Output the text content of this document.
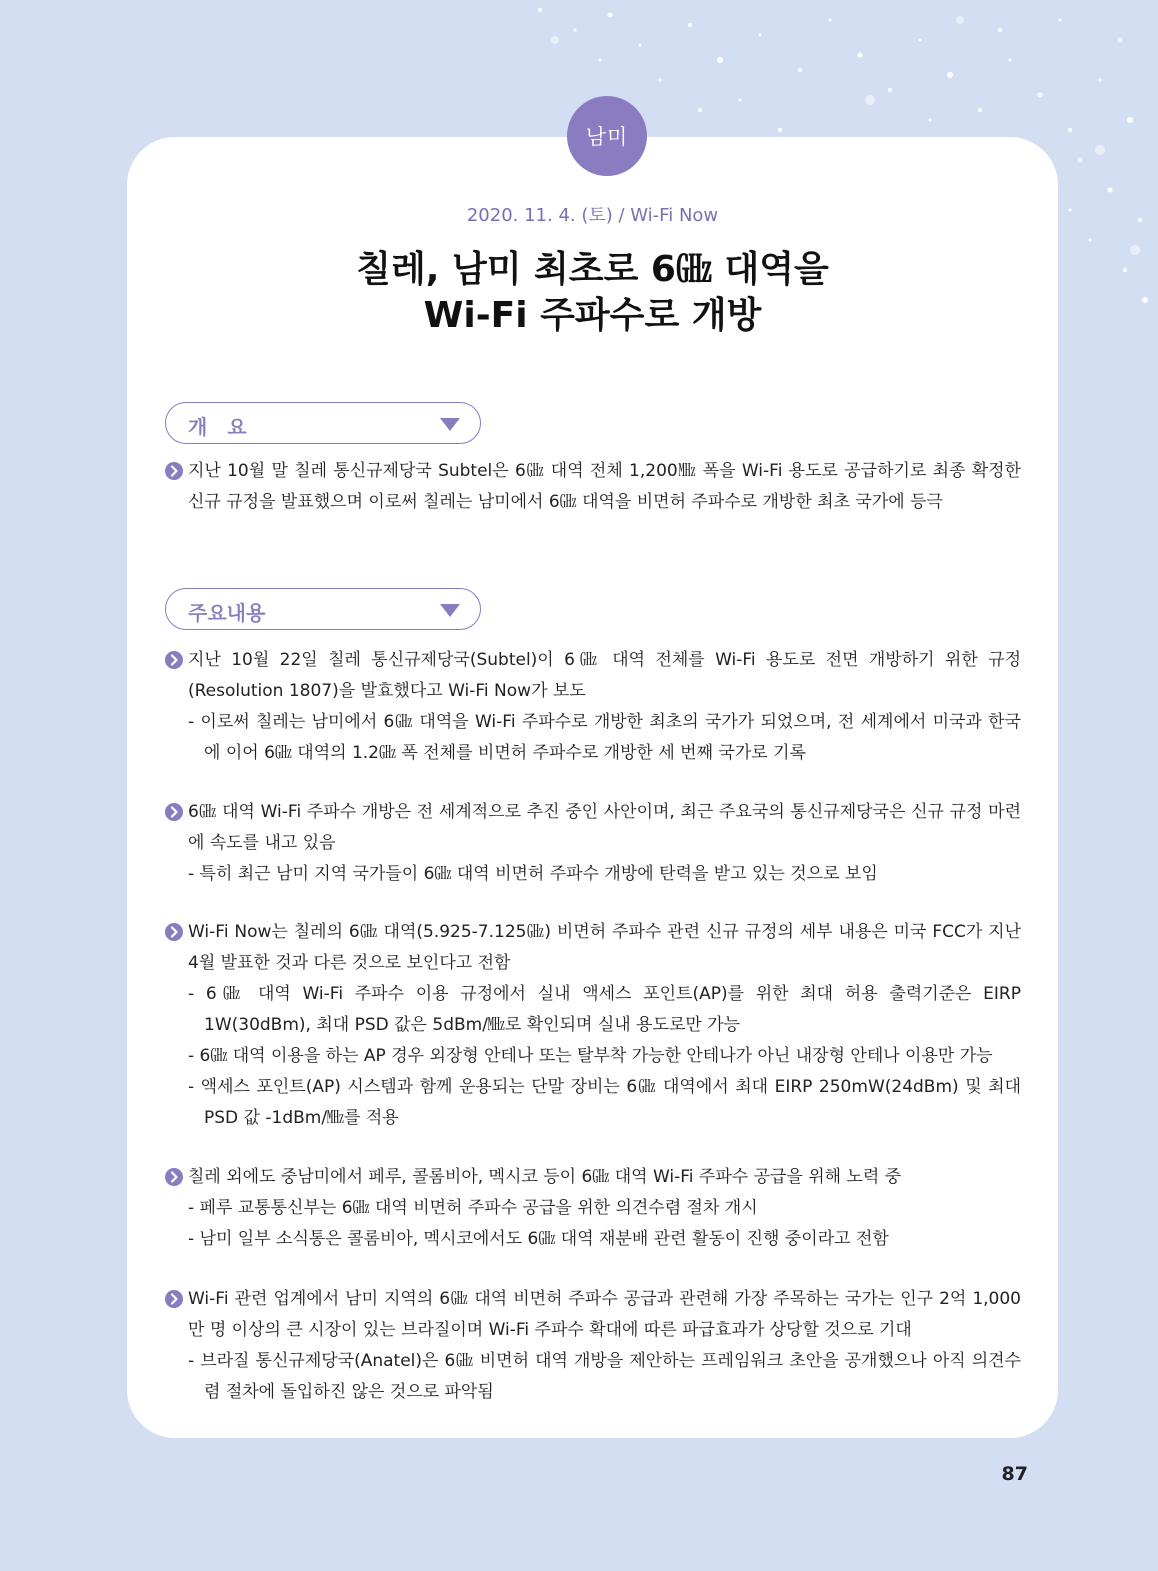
남미
2020. 11. 4. (토) / Wi-Fi Now
칠레, 남미 최초로 6㎓ 대역을
Wi-Fi 주파수로 개방
개　요

지난 10월 말 칠레 통신규제당국 Subtel은 6㎓ 대역 전체 1,200㎒ 폭을 Wi-Fi 용도로 공급하기로 최종 확정한 신규 규정을 발표했으며 이로써 칠레는 남미에서 6㎓ 대역을 비면허 주파수로 개방한 최초 국가에 등극

주요내용

지난 10월 22일 칠레 통신규제당국(Subtel)이 6㎓ 대역 전체를 Wi-Fi 용도로 전면 개방하기 위한 규정 (Resolution 1807)을 발효했다고 Wi-Fi Now가 보도

- 이로써 칠레는 남미에서 6㎓ 대역을 Wi-Fi 주파수로 개방한 최초의 국가가 되었으며, 전 세계에서 미국과 한국에 이어 6㎓ 대역의 1.2㎓ 폭 전체를 비면허 주파수로 개방한 세 번째 국가로 기록

6㎓ 대역 Wi-Fi 주파수 개방은 전 세계적으로 추진 중인 사안이며, 최근 주요국의 통신규제당국은 신규 규정 마련에 속도를 내고 있음

- 특히 최근 남미 지역 국가들이 6㎓ 대역 비면허 주파수 개방에 탄력을 받고 있는 것으로 보임

Wi-Fi Now는 칠레의 6㎓ 대역(5.925-7.125㎓) 비면허 주파수 관련 신규 규정의 세부 내용은 미국 FCC가 지난 4월 발표한 것과 다른 것으로 보인다고 전함

- 6㎓ 대역 Wi-Fi 주파수 이용 규정에서 실내 액세스 포인트(AP)를 위한 최대 허용 출력기준은 EIRP 1W(30dBm), 최대 PSD 값은 5dBm/㎒로 확인되며 실내 용도로만 가능

- 6㎓ 대역 이용을 하는 AP 경우 외장형 안테나 또는 탈부착 가능한 안테나가 아닌 내장형 안테나 이용만 가능

- 액세스 포인트(AP) 시스템과 함께 운용되는 단말 장비는 6㎓ 대역에서 최대 EIRP 250mW(24dBm) 및 최대 PSD 값 -1dBm/㎒를 적용

칠레 외에도 중남미에서 페루, 콜롬비아, 멕시코 등이 6㎓ 대역 Wi-Fi 주파수 공급을 위해 노력 중

- 페루 교통통신부는 6㎓ 대역 비면허 주파수 공급을 위한 의견수렴 절차 개시

- 남미 일부 소식통은 콜롬비아, 멕시코에서도 6㎓ 대역 재분배 관련 활동이 진행 중이라고 전함

Wi-Fi 관련 업계에서 남미 지역의 6㎓ 대역 비면허 주파수 공급과 관련해 가장 주목하는 국가는 인구 2억 1,000만 명 이상의 큰 시장이 있는 브라질이며 Wi-Fi 주파수 확대에 따른 파급효과가 상당할 것으로 기대

- 브라질 통신규제당국(Anatel)은 6㎓ 비면허 대역 개방을 제안하는 프레임워크 초안을 공개했으나 아직 의견수렴 절차에 돌입하진 않은 것으로 파악됨

87
